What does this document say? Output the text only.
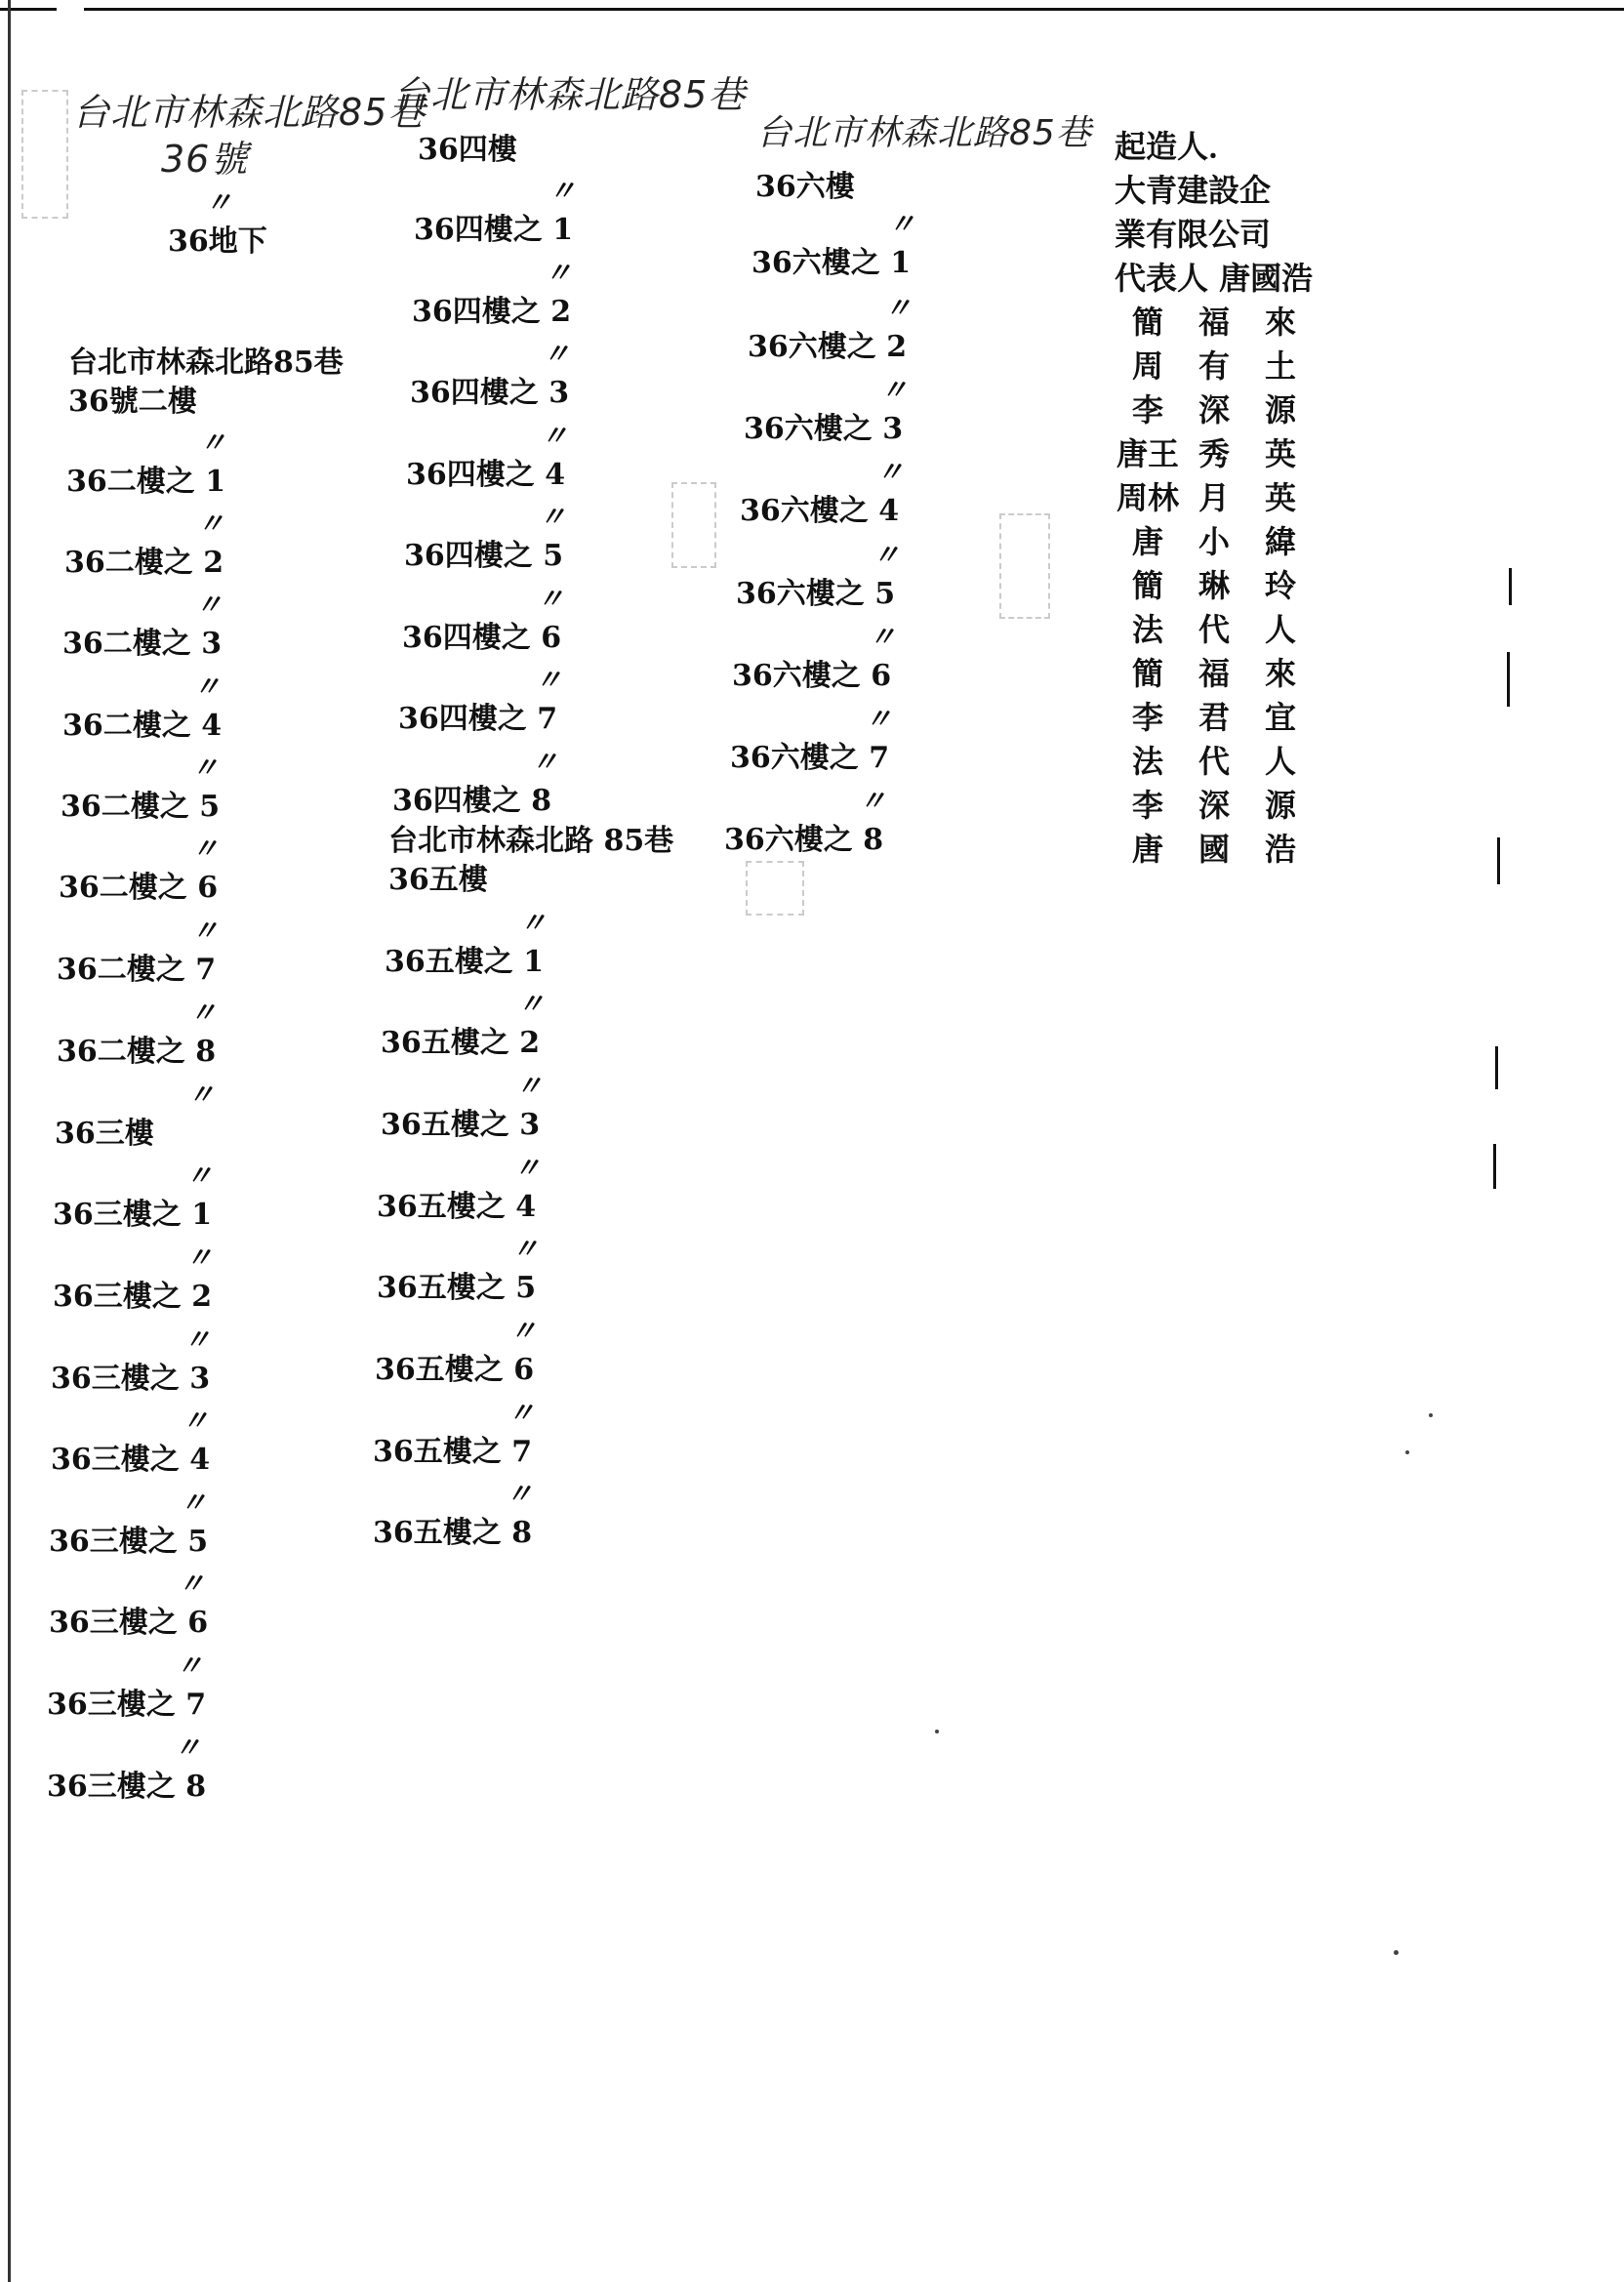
台北市林森北路85巷
36號
台北市林森北路85巷
台北市林森北路85巷
〃
36地下
台北市林森北路85巷
36號二樓
〃
36二樓之 1
〃
36二樓之 2
〃
36二樓之 3
〃
36二樓之 4
〃
36二樓之 5
〃
36二樓之 6
〃
36二樓之 7
〃
36二樓之 8
〃
36三樓
〃
36三樓之 1
〃
36三樓之 2
〃
36三樓之 3
〃
36三樓之 4
〃
36三樓之 5
〃
36三樓之 6
〃
36三樓之 7
〃
36三樓之 8
36四樓
〃
36四樓之 1
〃
36四樓之 2
〃
36四樓之 3
〃
36四樓之 4
〃
36四樓之 5
〃
36四樓之 6
〃
36四樓之 7
〃
36四樓之 8
台北市林森北路 85巷
36五樓
〃
36五樓之 1
〃
36五樓之 2
〃
36五樓之 3
〃
36五樓之 4
〃
36五樓之 5
〃
36五樓之 6
〃
36五樓之 7
〃
36五樓之 8
36六樓
〃
36六樓之 1
〃
36六樓之 2
〃
36六樓之 3
〃
36六樓之 4
〃
36六樓之 5
〃
36六樓之 6
〃
36六樓之 7
〃
36六樓之 8
起造人．
大青建設企
業有限公司
代表人 唐國浩
簡	福	來
周	有	土
李	深	源
唐王 秀	英
周林 月	英
唐	小	緯
簡	琳	玲
法	代	人
簡	福	來
李	君	宜
法	代	人
李	深	源
唐	國	浩
